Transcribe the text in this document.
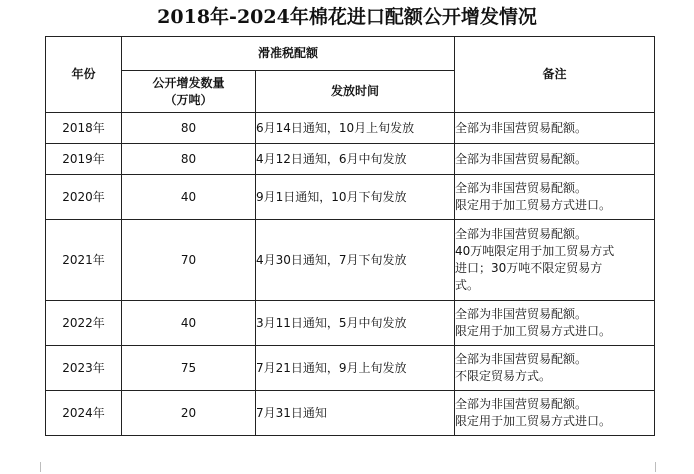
2018年-2024年棉花进口配额公开增发情况
年份	滑准税配额		备注

	公开增发数量
（万吨）	发放时间	
2018年	80	6月14日通知，10月上旬发放	全部为非国营贸易配额。

2019年	80	4月12日通知，6月中旬发放	全部为非国营贸易配额。

2020年	40	9月1日通知，10月下旬发放	全部为非国营贸易配额。
限定用于加工贸易方式进口。

2021年	70	4月30日通知，7月下旬发放	全部为非国营贸易配额。
40万吨限定用于加工贸易方式
进口；30万吨不限定贸易方
式。

2022年	40	3月11日通知，5月中旬发放	全部为非国营贸易配额。
限定用于加工贸易方式进口。

2023年	75	7月21日通知，9月上旬发放	全部为非国营贸易配额。
不限定贸易方式。

2024年	20	7月31日通知	全部为非国营贸易配额。
限定用于加工贸易方式进口。
